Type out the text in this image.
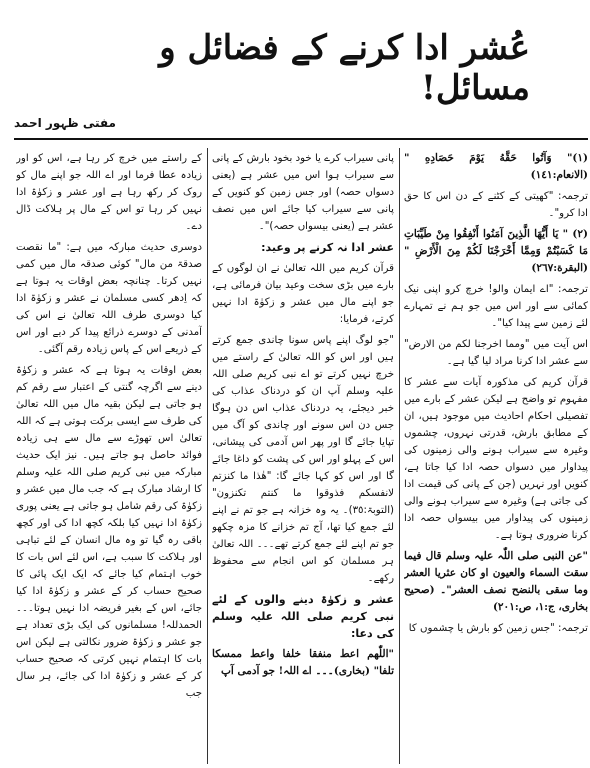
عُشر ادا کرنے کے فضائل و مسائل!
مفتی ظہور احمد

(١)" وَآتُوا حَقَّهُ يَوْمَ حَصَادِهِ " (الانعام:١٤١)

ترجمہ: "کھیتی کے کٹنے کے دن اس کا حق ادا کرو"۔

(٢) " يَا أَيُّهَا الَّذِينَ آمَنُوا أَنْفِقُوا مِنْ طَيِّبَاتِ مَا كَسَبْتُمْ وَمِمَّا أَخْرَجْنَا لَكُمْ مِنَ الْأَرْضِ " (البقرة:٢٦٧)

ترجمہ: "اے ایمان والو! خرچ کرو اپنی نیک کمائی سے اور اس میں جو ہم نے تمہارے لئے زمین سے پیدا کیا"۔

اس آیت میں "ومما اخرجنا لکم من الارض" سے عشر ادا کرنا مراد لیا گیا ہے۔

قرآن کریم کی مذکورہ آیات سے عشر کا مفہوم تو واضح ہے لیکن عشر کے بارے میں تفصیلی احکام احادیث میں موجود ہیں، ان کے مطابق بارش، قدرتی نہروں، چشموں وغیرہ سے سیراب ہونے والی زمینوں کی پیداوار میں دسواں حصہ ادا کیا جاتا ہے، کنویں اور نہریں (جن کے پانی کی قیمت ادا کی جاتی ہے) وغیرہ سے سیراب ہونے والی زمینوں کی پیداوار میں بیسواں حصہ ادا کرنا ضروری ہوتا ہے۔

"عن النبی صلی اللّٰہ علیہ وسلم قال فیما سقت السماء والعیون او کان عثریا العشر وما سقی بالنضح نصف العشر"۔ (صحیح بخاری، ج:١، ص:٢٠١)

ترجمہ: "جس زمین کو بارش یا چشموں کا

پانی سیراب کرے یا خود بخود بارش کے پانی سے سیراب ہوا اس میں عشر ہے (یعنی دسواں حصہ) اور جس زمین کو کنویں کے پانی سے سیراب کیا جائے اس میں نصف عشر ہے (یعنی بیسواں حصہ)"۔

عشر ادا نہ کرنے پر وعید:

قرآن کریم میں اللہ تعالیٰ نے ان لوگوں کے بارے میں بڑی سخت وعید بیان فرمائی ہے، جو اپنے مال میں عشر و زکوٰۃ ادا نہیں کرتے، فرمایا:

"جو لوگ اپنے پاس سونا چاندی جمع کرتے ہیں اور اس کو اللہ تعالیٰ کے راستے میں خرچ نہیں کرتے تو اے نبی کریم صلی اللہ علیہ وسلم آپ ان کو دردناک عذاب کی خبر دیجئے، یہ دردناک عذاب اس دن ہوگا جس دن اس سونے اور چاندی کو آگ میں تپایا جائے گا اور پھر اس آدمی کی پیشانی، اس کے پہلو اور اس کی پشت کو داغا جائے گا اور اس کو کہا جائے گا: "ھٰذا ما کنزتم لانفسکم فذوقوا ما کنتم تکنزون" (التوبۃ:٣٥)۔ یہ وہ خزانہ ہے جو تم نے اپنے لئے جمع کیا تھا، آج تم خزانے کا مزہ چکھو جو تم اپنے لئے جمع کرتے تھے۔۔۔ اللہ تعالیٰ ہر مسلمان کو اس انجام سے محفوظ رکھے۔

عشر و زکوٰۃ دینے والوں کے لئے نبی کریم صلی اللہ علیہ وسلم کی دعا:

"اللّٰھم اعط منفقا خلفا واعط ممسکا تلفا" (بخاری)۔۔۔ اے اللہ! جو آدمی آپ

کے راستے میں خرچ کر رہا ہے، اس کو اور زیادہ عطا فرما اور اے اللہ جو اپنے مال کو روک کر رکھ رہا ہے اور عشر و زکوٰۃ ادا نہیں کر رہا تو اس کے مال پر ہلاکت ڈال دے۔

دوسری حدیث مبارکہ میں ہے: "ما نقصت صدقۃ من مال" کوئی صدقہ مال میں کمی نہیں کرتا۔ چنانچہ بعض اوقات یہ ہوتا ہے کہ اِدھر کسی مسلمان نے عشر و زکوٰۃ ادا کیا دوسری طرف اللہ تعالیٰ نے اس کی آمدنی کے دوسرے ذرائع پیدا کر دیے اور اس کے ذریعے اس کے پاس زیادہ رقم آگئی۔

بعض اوقات یہ ہوتا ہے کہ عشر و زکوٰۃ دینے سے اگرچہ گنتی کے اعتبار سے رقم کم ہو جاتی ہے لیکن بقیہ مال میں اللہ تعالیٰ کی طرف سے ایسی برکت ہوتی ہے کہ اللہ تعالیٰ اس تھوڑے سے مال سے ہی زیادہ فوائد حاصل ہو جاتے ہیں۔ نیز ایک حدیث مبارکہ میں نبی کریم صلی اللہ علیہ وسلم کا ارشاد مبارک ہے کہ جب مال میں عشر و زکوٰۃ کی رقم شامل ہو جاتی ہے یعنی پوری زکوٰۃ ادا نہیں کیا بلکہ کچھ ادا کی اور کچھ باقی رہ گیا تو وہ مال انسان کے لئے تباہی اور ہلاکت کا سبب ہے، اس لئے اس بات کا خوب اہتمام کیا جائے کہ ایک ایک پائی کا صحیح حساب کر کے عشر و زکوٰۃ ادا کیا جائے، اس کے بغیر فریضہ ادا نہیں ہوتا۔۔۔ الحمدللہ! مسلمانوں کی ایک بڑی تعداد ہے جو عشر و زکوٰۃ ضرور نکالتی ہے لیکن اس بات کا اہتمام نہیں کرتی کہ صحیح حساب کر کے عشر و زکوٰۃ ادا کی جائے، ہر سال جب
